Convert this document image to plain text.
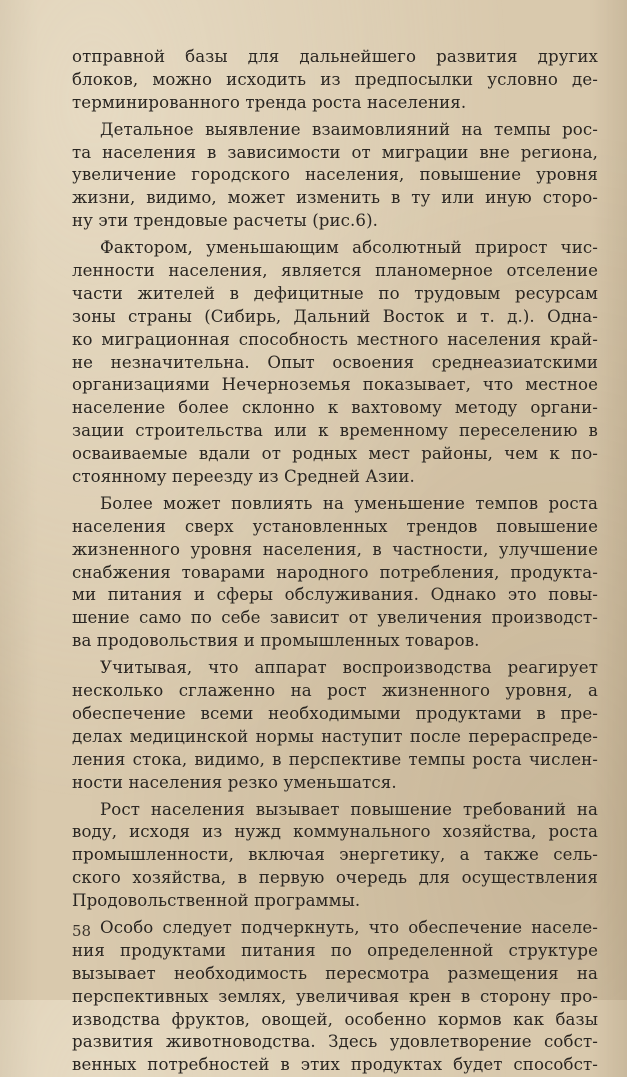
отправной базы для дальнейшего развития других
блоков, можно исходить из предпосылки условно де-
терминированного тренда роста населения.
Детальное выявление взаимовлияний на темпы рос-
та населения в зависимости от миграции вне региона,
увеличение городского населения, повышение уровня
жизни, видимо, может изменить в ту или иную сторо-
ну эти трендовые расчеты (рис.6).
Фактором, уменьшающим абсолютный прирост чис-
ленности населения, является планомерное отселение
части жителей в дефицитные по трудовым ресурсам
зоны страны (Сибирь, Дальний Восток и т. д.). Одна-
ко миграционная способность местного населения край-
не незначительна. Опыт освоения среднеазиатскими
организациями Нечерноземья показывает, что местное
население более склонно к вахтовому методу органи-
зации строительства или к временному переселению в
осваиваемые вдали от родных мест районы, чем к по-
стоянному переезду из Средней Азии.
Более может повлиять на уменьшение темпов роста
населения сверх установленных трендов повышение
жизненного уровня населения, в частности, улучшение
снабжения товарами народного потребления, продукта-
ми питания и сферы обслуживания. Однако это повы-
шение само по себе зависит от увеличения производст-
ва продовольствия и промышленных товаров.
Учитывая, что аппарат воспроизводства реагирует
несколько сглаженно на рост жизненного уровня, а
обеспечение всеми необходимыми продуктами в пре-
делах медицинской нормы наступит после перераспреде-
ления стока, видимо, в перспективе темпы роста числен-
ности населения резко уменьшатся.
Рост населения вызывает повышение требований на
воду, исходя из нужд коммунального хозяйства, роста
промышленности, включая энергетику, а также сель-
ского хозяйства, в первую очередь для осуществления
Продовольственной программы.
Особо следует подчеркнуть, что обеспечение населе-
ния продуктами питания по определенной структуре
вызывает необходимость пересмотра размещения на
перспективных землях, увеличивая крен в сторону про-
изводства фруктов, овощей, особенно кормов как базы
развития животноводства. Здесь удовлетворение собст-
венных потребностей в этих продуктах будет способст-
58
